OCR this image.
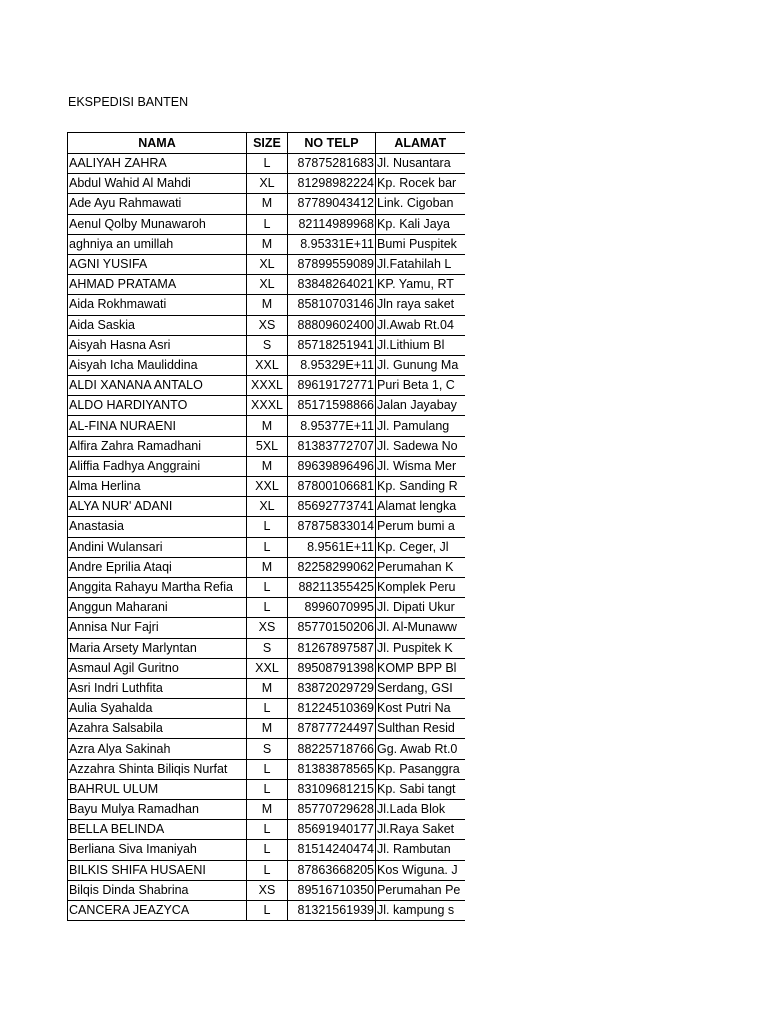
EKSPEDISI BANTEN
NAMA	SIZE	NO TELP	ALAMAT
AALIYAH ZAHRA	L	87875281683	Jl. Nusantara
Abdul Wahid Al Mahdi	XL	81298982224	Kp. Rocek bar
Ade Ayu Rahmawati	M	87789043412	Link. Cigoban
Aenul Qolby Munawaroh	L	82114989968	Kp. Kali Jaya
aghniya an umillah	M	8.95331E+11	Bumi Puspitek
AGNI YUSIFA	XL	87899559089	Jl.Fatahilah L
AHMAD PRATAMA	XL	83848264021	KP. Yamu, RT
Aida Rokhmawati	M	85810703146	Jln raya saket
Aida Saskia	XS	88809602400	Jl.Awab Rt.04
Aisyah Hasna Asri	S	85718251941	Jl.Lithium Bl
Aisyah Icha Mauliddina	XXL	8.95329E+11	Jl. Gunung Ma
ALDI XANANA ANTALO	XXXL	89619172771	Puri Beta 1, C
ALDO HARDIYANTO	XXXL	85171598866	Jalan Jayabay
AL-FINA NURAENI	M	8.95377E+11	Jl. Pamulang
Alfira Zahra Ramadhani	5XL	81383772707	Jl. Sadewa No
Aliffia Fadhya Anggraini	M	89639896496	Jl. Wisma Mer
Alma Herlina	XXL	87800106681	Kp. Sanding R
ALYA NUR' ADANI	XL	85692773741	Alamat lengka
Anastasia	L	87875833014	Perum bumi a
Andini Wulansari	L	8.9561E+11	Kp. Ceger, Jl
Andre Eprilia Ataqi	M	82258299062	Perumahan K
Anggita Rahayu Martha Refia	L	88211355425	Komplek Peru
Anggun Maharani	L	8996070995	Jl. Dipati Ukur
Annisa Nur Fajri	XS	85770150206	Jl. Al-Munaww
Maria Arsety Marlyntan	S	81267897587	Jl. Puspitek K
Asmaul Agil Guritno	XXL	89508791398	KOMP BPP Bl
Asri Indri Luthfita	M	83872029729	Serdang, GSI
Aulia Syahalda	L	81224510369	Kost Putri Na
Azahra Salsabila	M	87877724497	Sulthan Resid
Azra Alya Sakinah	S	88225718766	Gg. Awab Rt.0
Azzahra Shinta Biliqis Nurfat	L	81383878565	Kp. Pasanggra
BAHRUL ULUM	L	83109681215	Kp. Sabi tangt
Bayu Mulya Ramadhan	M	85770729628	Jl.Lada Blok
BELLA BELINDA	L	85691940177	Jl.Raya Saket
Berliana Siva Imaniyah	L	81514240474	Jl. Rambutan
BILKIS SHIFA HUSAENI	L	87863668205	Kos Wiguna. J
Bilqis Dinda Shabrina	XS	89516710350	Perumahan Pe
CANCERA JEAZYCA	L	81321561939	Jl. kampung s
